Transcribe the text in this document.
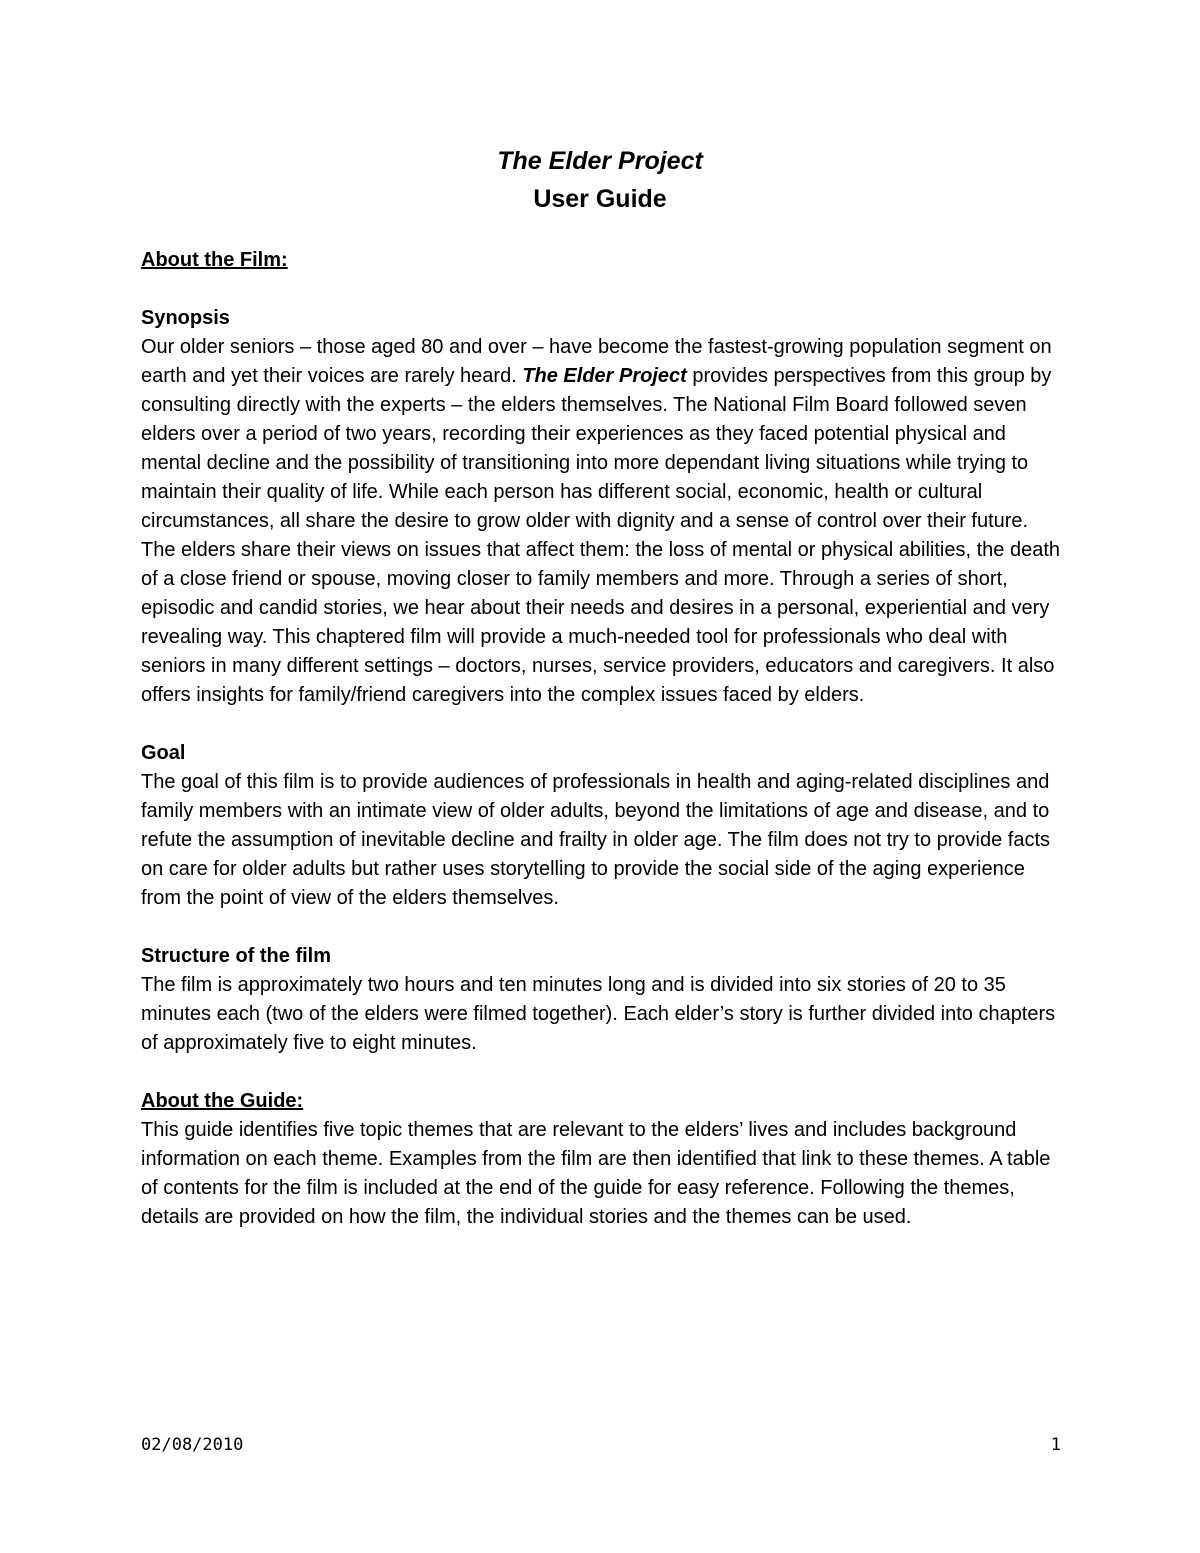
The Elder Project

User Guide

About the Film:

Synopsis

Our older seniors – those aged 80 and over – have become the fastest-growing population segment on earth and yet their voices are rarely heard. The Elder Project provides perspectives from this group by consulting directly with the experts – the elders themselves. The National Film Board followed seven elders over a period of two years, recording their experiences as they faced potential physical and mental decline and the possibility of transitioning into more dependant living situations while trying to maintain their quality of life. While each person has different social, economic, health or cultural circumstances, all share the desire to grow older with dignity and a sense of control over their future. The elders share their views on issues that affect them: the loss of mental or physical abilities, the death of a close friend or spouse, moving closer to family members and more. Through a series of short, episodic and candid stories, we hear about their needs and desires in a personal, experiential and very revealing way. This chaptered film will provide a much-needed tool for professionals who deal with seniors in many different settings – doctors, nurses, service providers, educators and caregivers. It also offers insights for family/friend caregivers into the complex issues faced by elders.

Goal

The goal of this film is to provide audiences of professionals in health and aging-related disciplines and family members with an intimate view of older adults, beyond the limitations of age and disease, and to refute the assumption of inevitable decline and frailty in older age. The film does not try to provide facts on care for older adults but rather uses storytelling to provide the social side of the aging experience from the point of view of the elders themselves.

Structure of the film

The film is approximately two hours and ten minutes long and is divided into six stories of 20 to 35 minutes each (two of the elders were filmed together). Each elder’s story is further divided into chapters of approximately five to eight minutes.

About the Guide:

This guide identifies five topic themes that are relevant to the elders’ lives and includes background information on each theme. Examples from the film are then identified that link to these themes. A table of contents for the film is included at the end of the guide for easy reference. Following the themes, details are provided on how the film, the individual stories and the themes can be used.

02/08/2010	1
